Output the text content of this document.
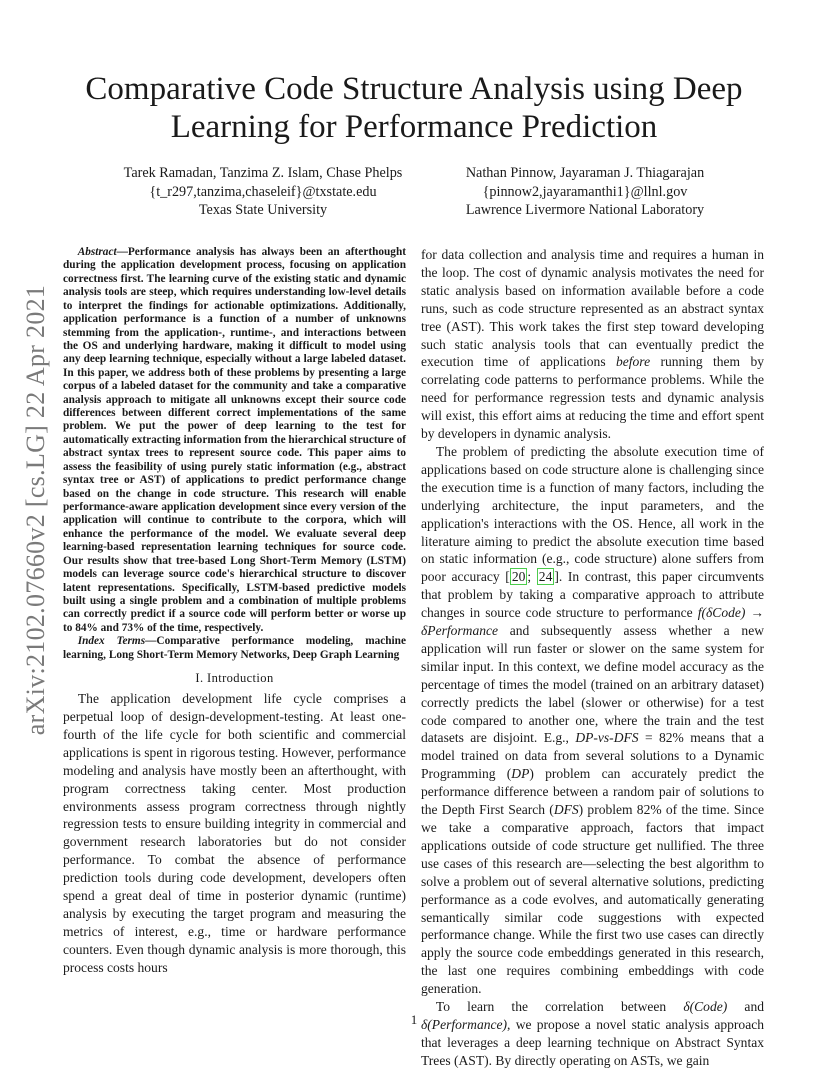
arXiv:2102.07660v2 [cs.LG] 22 Apr 2021
Comparative Code Structure Analysis using Deep Learning for Performance Prediction
Tarek Ramadan, Tanzima Z. Islam, Chase Phelps
{t_r297,tanzima,chaseleif}@txstate.edu
Texas State University
Nathan Pinnow, Jayaraman J. Thiagarajan
{pinnow2,jayaramanthi1}@llnl.gov
Lawrence Livermore National Laboratory

Abstract—Performance analysis has always been an afterthought during the application development process, focusing on application correctness first. The learning curve of the existing static and dynamic analysis tools are steep, which requires understanding low-level details to interpret the findings for actionable optimizations. Additionally, application performance is a function of a number of unknowns stemming from the application-, runtime-, and interactions between the OS and underlying hardware, making it difficult to model using any deep learning technique, especially without a large labeled dataset. In this paper, we address both of these problems by presenting a large corpus of a labeled dataset for the community and take a comparative analysis approach to mitigate all unknowns except their source code differences between different correct implementations of the same problem. We put the power of deep learning to the test for automatically extracting information from the hierarchical structure of abstract syntax trees to represent source code. This paper aims to assess the feasibility of using purely static information (e.g., abstract syntax tree or AST) of applications to predict performance change based on the change in code structure. This research will enable performance-aware application development since every version of the application will continue to contribute to the corpora, which will enhance the performance of the model. We evaluate several deep learning-based representation learning techniques for source code. Our results show that tree-based Long Short-Term Memory (LSTM) models can leverage source code's hierarchical structure to discover latent representations. Specifically, LSTM-based predictive models built using a single problem and a combination of multiple problems can correctly predict if a source code will perform better or worse up to 84% and 73% of the time, respectively.

Index Terms—Comparative performance modeling, machine learning, Long Short-Term Memory Networks, Deep Graph Learning

I. Introduction

The application development life cycle comprises a perpetual loop of design-development-testing. At least one-fourth of the life cycle for both scientific and commercial applications is spent in rigorous testing. However, performance modeling and analysis have mostly been an afterthought, with program correctness taking center. Most production environments assess program correctness through nightly regression tests to ensure building integrity in commercial and government research laboratories but do not consider performance. To combat the absence of performance prediction tools during code development, developers often spend a great deal of time in posterior dynamic (runtime) analysis by executing the target program and measuring the metrics of interest, e.g., time or hardware performance counters. Even though dynamic analysis is more thorough, this process costs hours

for data collection and analysis time and requires a human in the loop. The cost of dynamic analysis motivates the need for static analysis based on information available before a code runs, such as code structure represented as an abstract syntax tree (AST). This work takes the first step toward developing such static analysis tools that can eventually predict the execution time of applications before running them by correlating code patterns to performance problems. While the need for performance regression tests and dynamic analysis will exist, this effort aims at reducing the time and effort spent by developers in dynamic analysis.

The problem of predicting the absolute execution time of applications based on code structure alone is challenging since the execution time is a function of many factors, including the underlying architecture, the input parameters, and the application's interactions with the OS. Hence, all work in the literature aiming to predict the absolute execution time based on static information (e.g., code structure) alone suffers from poor accuracy [ 20 ; 24 ]. In contrast, this paper circumvents that problem by taking a comparative approach to attribute changes in source code structure to performance f(δCode) → δPerformance and subsequently assess whether a new application will run faster or slower on the same system for similar input. In this context, we define model accuracy as the percentage of times the model (trained on an arbitrary dataset) correctly predicts the label (slower or otherwise) for a test code compared to another one, where the train and the test datasets are disjoint. E.g., DP-vs-DFS = 82% means that a model trained on data from several solutions to a Dynamic Programming (DP) problem can accurately predict the performance difference between a random pair of solutions to the Depth First Search (DFS) problem 82% of the time. Since we take a comparative approach, factors that impact applications outside of code structure get nullified. The three use cases of this research are—selecting the best algorithm to solve a problem out of several alternative solutions, predicting performance as a code evolves, and automatically generating semantically similar code suggestions with expected performance change. While the first two use cases can directly apply the source code embeddings generated in this research, the last one requires combining embeddings with code generation.

To learn the correlation between δ(Code) and δ(Performance), we propose a novel static analysis approach that leverages a deep learning technique on Abstract Syntax Trees (AST). By directly operating on ASTs, we gain

1
